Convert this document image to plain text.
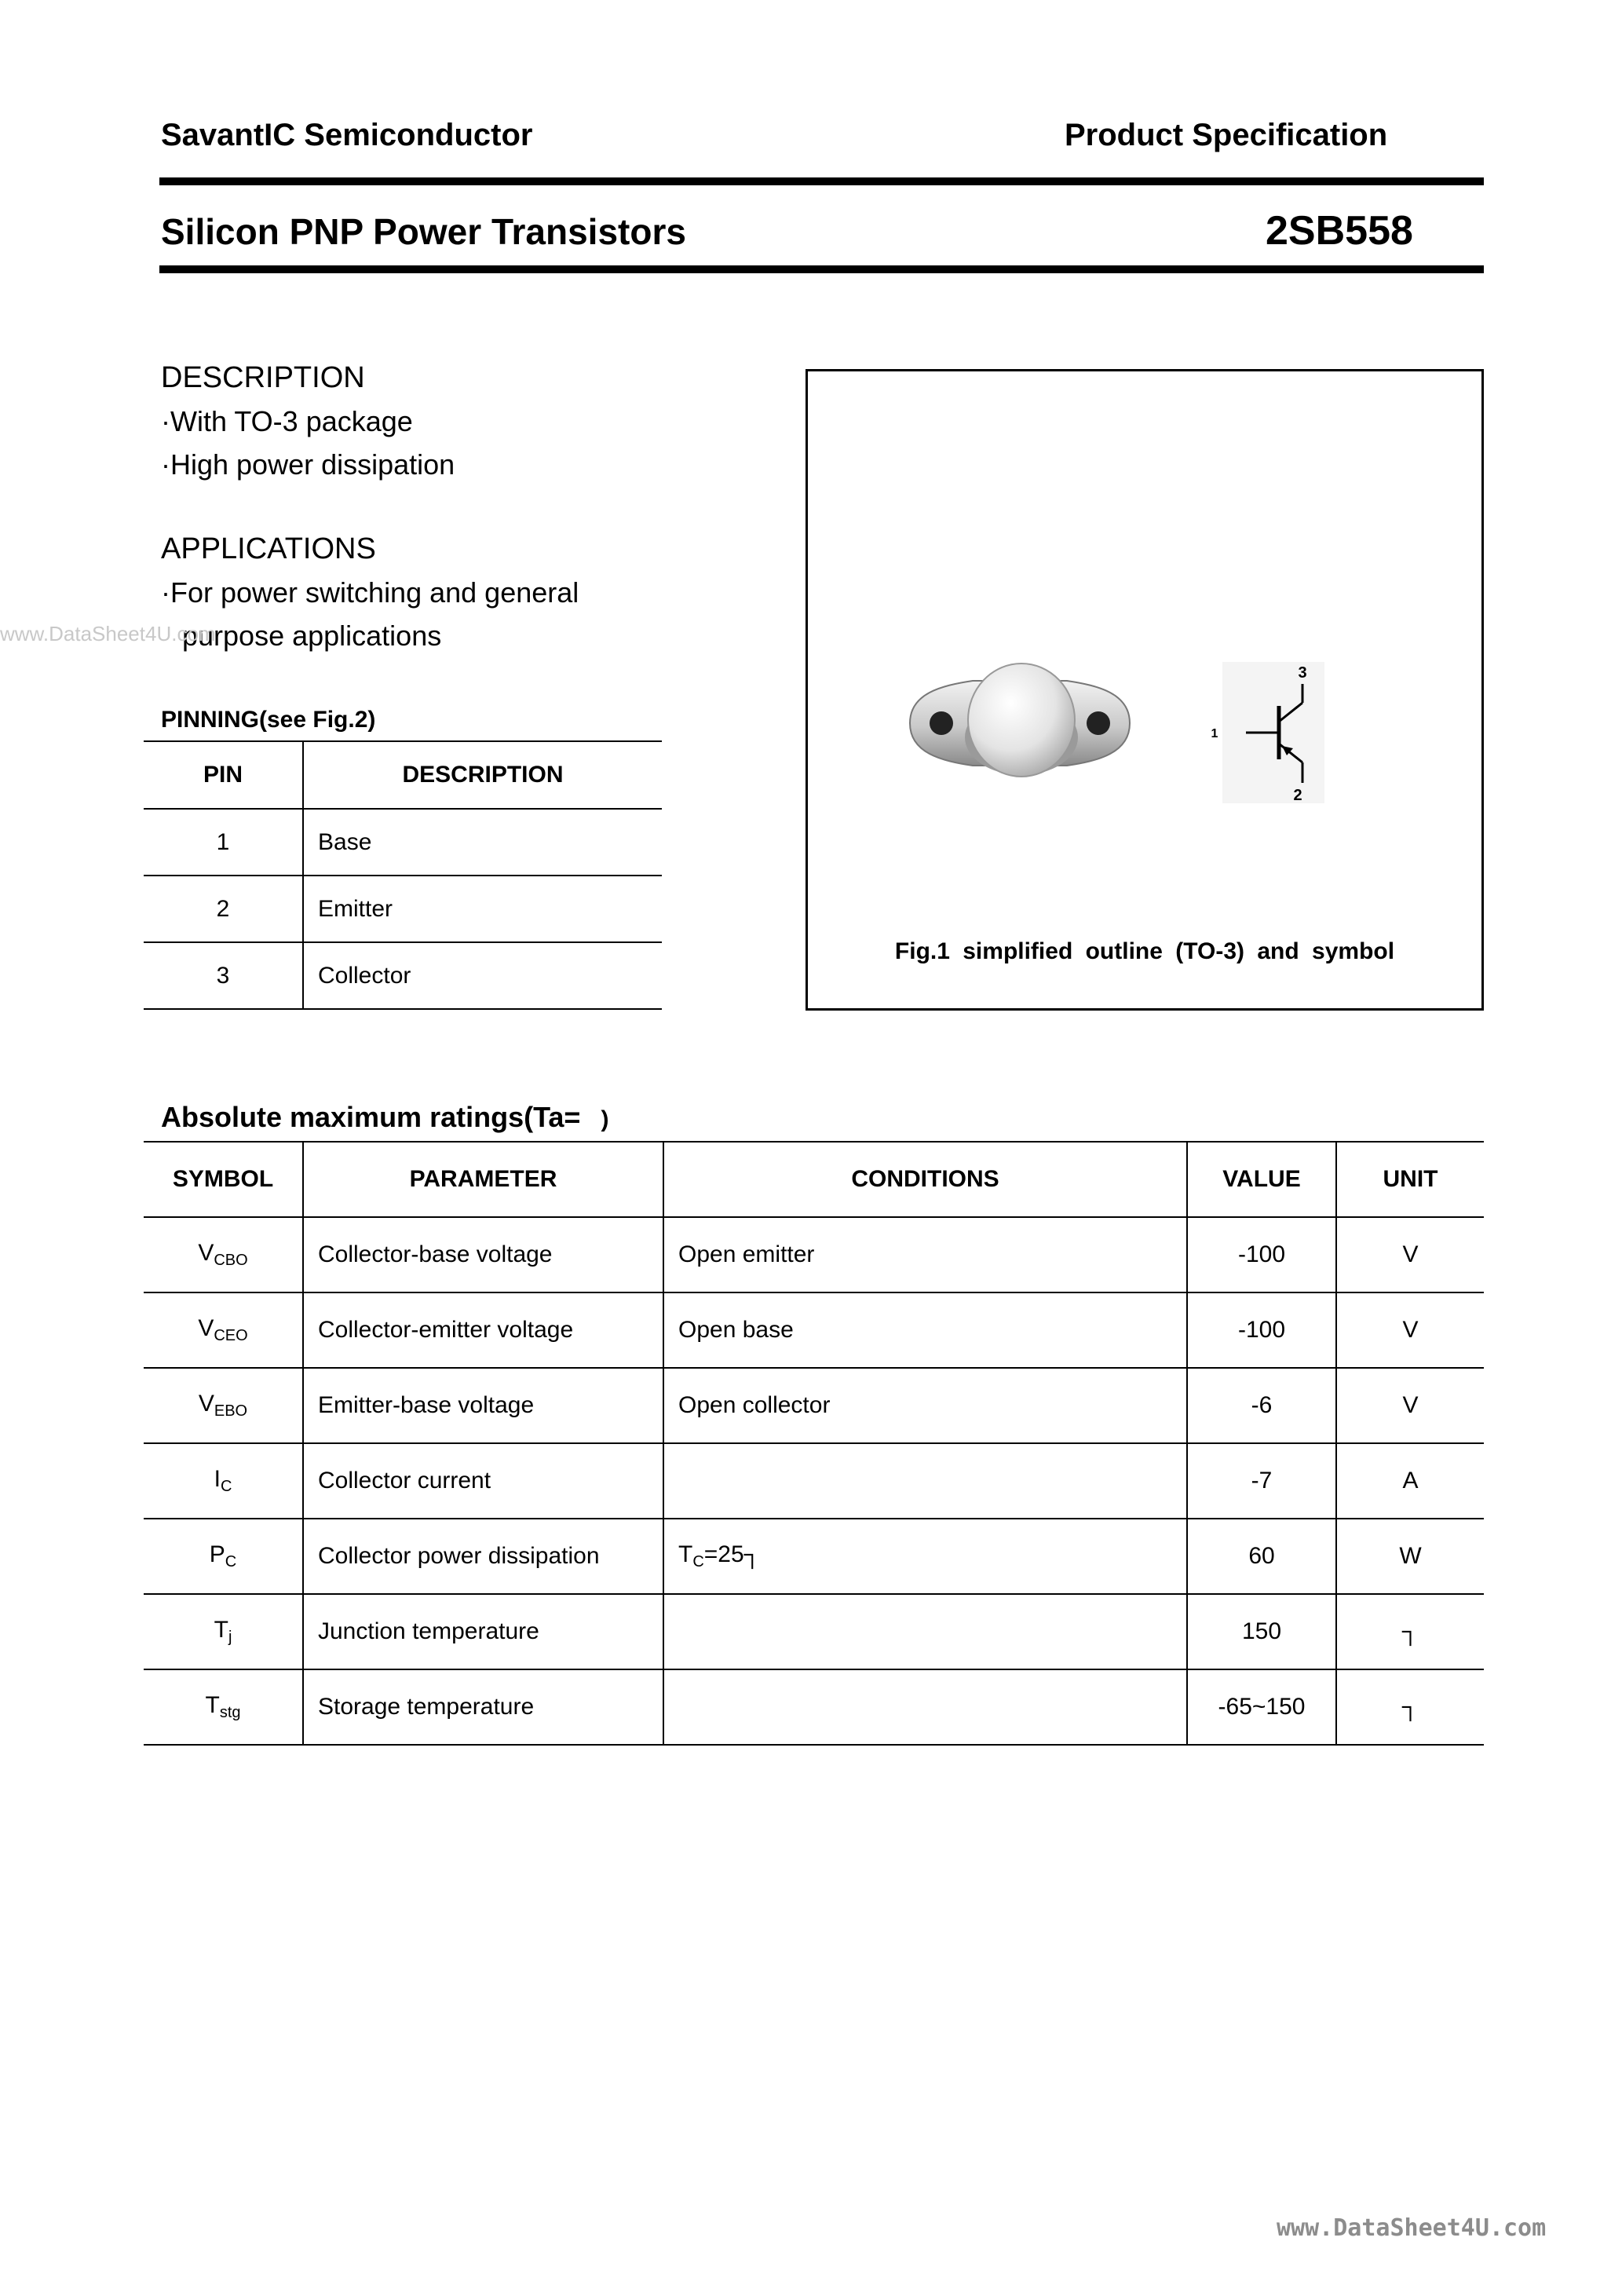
SavantIC Semiconductor	Product Specification
Silicon PNP Power Transistors	2SB558
DESCRIPTION
·With TO-3 package
·High power dissipation
APPLICATIONS
·For power switching and general
purpose applications
www.DataSheet4U.com
PINNING(see Fig.2)
PIN	DESCRIPTION
1	Base
2	Emitter
3	Collector
3
1
2
Fig.1 simplified outline (TO-3) and symbol
Absolute maximum ratings(Ta= )
SYMBOL	PARAMETER	CONDITIONS	VALUE	UNIT
$V_{CBO}$	Collector-base voltage	Open emitter	-100	V
$V_{CEO}$	Collector-emitter voltage	Open base	-100	V
$V_{EBO}$	Emitter-base voltage	Open collector	-6	V
$I_C$	Collector current		-7	A
$P_C$	Collector power dissipation	$T_C=25┐$	60	W
$T_j$	Junction temperature		150	┐
$T_{stg}$	Storage temperature		-65~150	┐
www.DataSheet4U.com
